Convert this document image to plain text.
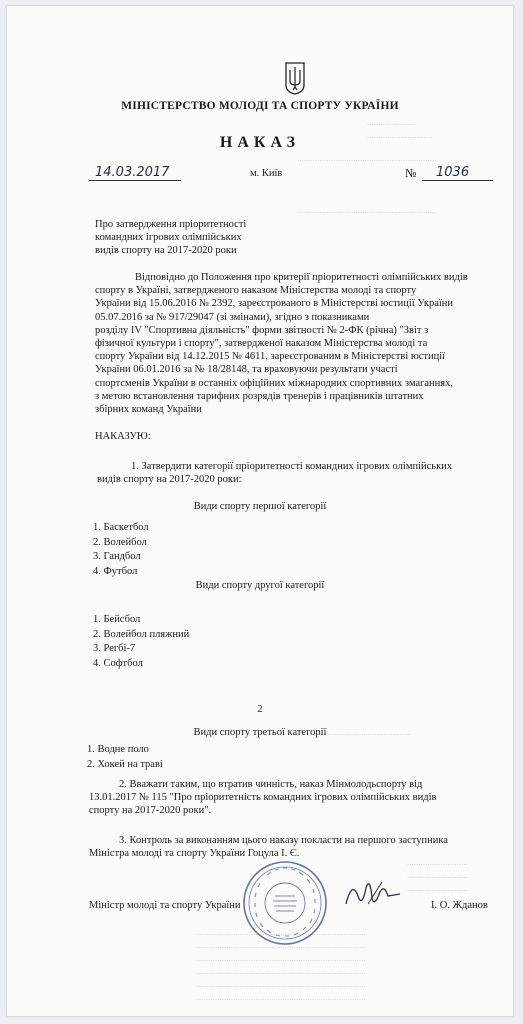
.....................
.............................
..............................................................
..............................................................
..............................................
...........................
...........................
...........................
...........................................................................
...........................................................................
...........................................................................
...........................................................................
...........................................................................
...........................................................................
МІНІСТЕРСТВО МОЛОДІ ТА СПОРТУ УКРАЇНИ
НАКАЗ
14.03.2017	м. Київ	№	1036
Про затвердження пріоритетності
командних ігрових олімпійських
видів спорту на 2017-2020 роки
Відповідно до Положення про критерії пріоритетності олімпійських видів
спорту в Україні, затвердженого наказом Міністерства молоді та спорту
України від 15.06.2016 № 2392, зареєстрованого в Міністерстві юстиції України
05.07.2016 за № 917/29047 (зі змінами), згідно з показниками
розділу IV "Спортивна діяльність" форми звітності № 2-ФК (річна) "Звіт з
фізичної культури і спорту", затвердженої наказом Міністерства молоді та
спорту України від 14.12.2015 № 4611, зареєстрованим в Міністерстві юстиції
України 06.01.2016 за № 18/28148, та враховуючи результати участі
спортсменів України в останніх офіційних міжнародних спортивних змаганнях,
з метою встановлення тарифних розрядів тренерів і працівників штатних
збірних команд України
НАКАЗУЮ:
1. Затвердити категорії пріоритетності командних ігрових олімпійських
видів спорту на 2017-2020 роки:
Види спорту першої категорії
1. Баскетбол
2. Волейбол
3. Гандбол
4. Футбол
Види спорту другої категорії
1. Бейсбол
2. Волейбол пляжний
3. Регбі-7
4. Софтбол
2
Види спорту третьої категорії
1. Водне поло
2. Хокей на траві
2. Вважати таким, що втратив чинність, наказ Мінмолодьспорту від
13.01.2017 № 115 "Про пріоритетність командних ігрових олімпійських видів
спорту на 2017-2020 роки".
3. Контроль за виконанням цього наказу покласти на першого заступника
Міністра молоді та спорту України Гоцула І. Є.
Міністр молоді та спорту України	І. О. Жданов
